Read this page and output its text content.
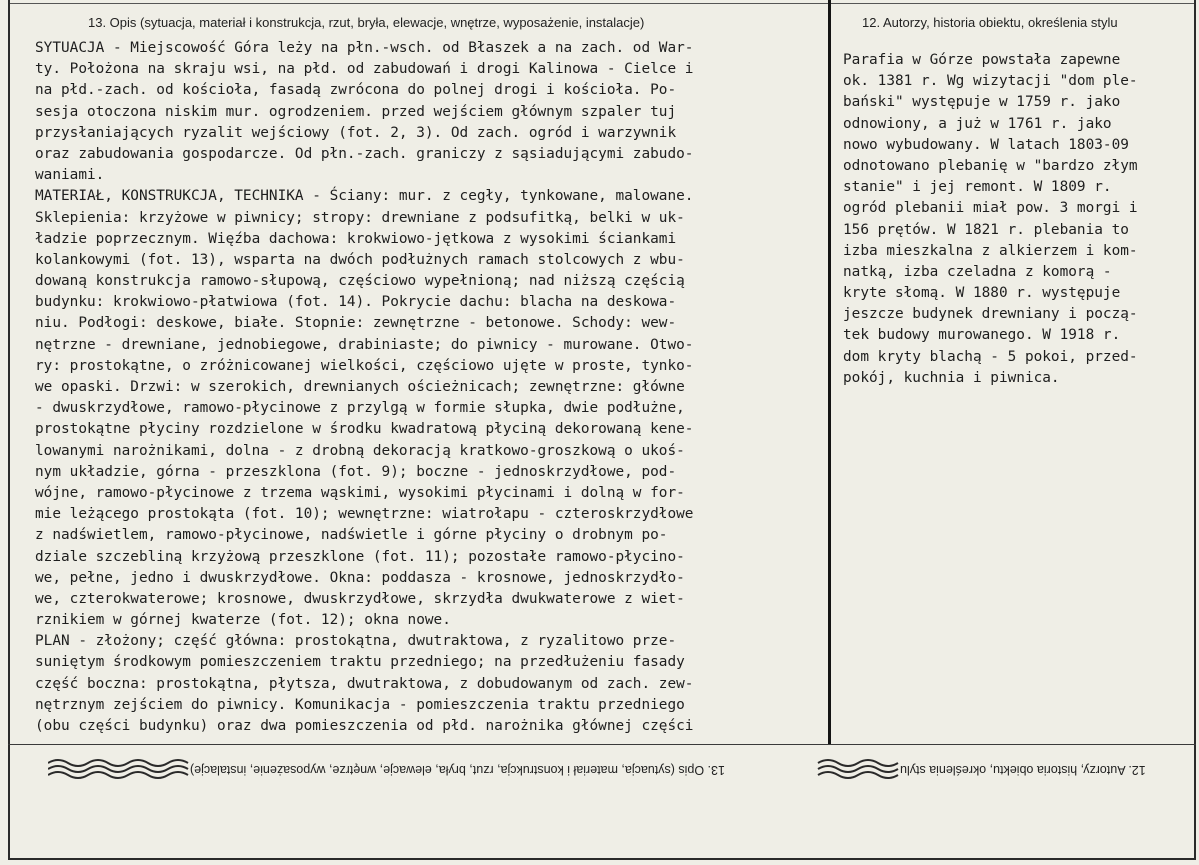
13. Opis (sytuacja, materiał i konstrukcja, rzut, bryła, elewacje, wnętrze, wyposażenie, instalacje)	12. Autorzy, historia obiektu, określenia stylu
SYTUACJA - Miejscowość Góra leży na płn.-wsch. od Błaszek a na zach. od War-
ty. Położona na skraju wsi, na płd. od zabudowań i drogi Kalinowa - Cielce i
na płd.-zach. od kościoła, fasadą zwrócona do polnej drogi i kościoła. Po-
sesja otoczona niskim mur. ogrodzeniem. przed wejściem głównym szpaler tuj
przysłaniających ryzalit wejściowy (fot. 2, 3). Od zach. ogród i warzywnik
oraz zabudowania gospodarcze. Od płn.-zach. graniczy z sąsiadującymi zabudo-
waniami.
MATERIAŁ, KONSTRUKCJA, TECHNIKA - Ściany: mur. z cegły, tynkowane, malowane.
Sklepienia: krzyżowe w piwnicy; stropy: drewniane z podsufitką, belki w uk-
ładzie poprzecznym. Więźba dachowa: krokwiowo-jętkowa z wysokimi ściankami
kolankowymi (fot. 13), wsparta na dwóch podłużnych ramach stolcowych z wbu-
dowaną konstrukcja ramowo-słupową, częściowo wypełnioną; nad niższą częścią
budynku: krokwiowo-płatwiowa (fot. 14). Pokrycie dachu: blacha na deskowa-
niu. Podłogi: deskowe, białe. Stopnie: zewnętrzne - betonowe. Schody: wew-
nętrzne - drewniane, jednobiegowe, drabiniaste; do piwnicy - murowane. Otwo-
ry: prostokątne, o zróżnicowanej wielkości, częściowo ujęte w proste, tynko-
we opaski. Drzwi: w szerokich, drewnianych ościeżnicach; zewnętrzne: główne
- dwuskrzydłowe, ramowo-płycinowe z przylgą w formie słupka, dwie podłużne,
prostokątne płyciny rozdzielone w środku kwadratową płyciną dekorowaną kene-
lowanymi narożnikami, dolna - z drobną dekoracją kratkowo-groszkową o ukoś-
nym układzie, górna - przeszklona (fot. 9); boczne - jednoskrzydłowe, pod-
wójne, ramowo-płycinowe z trzema wąskimi, wysokimi płycinami i dolną w for-
mie leżącego prostokąta (fot. 10); wewnętrzne: wiatrołapu - czteroskrzydłowe
z nadświetlem, ramowo-płycinowe, nadświetle i górne płyciny o drobnym po-
dziale szczebliną krzyżową przeszklone (fot. 11); pozostałe ramowo-płycino-
we, pełne, jedno i dwuskrzydłowe. Okna: poddasza - krosnowe, jednoskrzydło-
we, czterokwaterowe; krosnowe, dwuskrzydłowe, skrzydła dwukwaterowe z wiet-
rznikiem w górnej kwaterze (fot. 12); okna nowe.
PLAN - złożony; część główna: prostokątna, dwutraktowa, z ryzalitowo prze-
suniętym środkowym pomieszczeniem traktu przedniego; na przedłużeniu fasady
część boczna: prostokątna, płytsza, dwutraktowa, z dobudowanym od zach. zew-
nętrznym zejściem do piwnicy. Komunikacja - pomieszczenia traktu przedniego
(obu części budynku) oraz dwa pomieszczenia od płd. narożnika głównej części
Parafia w Górze powstała zapewne
ok. 1381 r. Wg wizytacji "dom ple-
bański" występuje w 1759 r. jako
odnowiony, a już w 1761 r. jako
nowo wybudowany. W latach 1803-09
odnotowano plebanię w "bardzo złym
stanie" i jej remont. W 1809 r.
ogród plebanii miał pow. 3 morgi i
156 prętów. W 1821 r. plebania to
izba mieszkalna z alkierzem i kom-
natką, izba czeladna z komorą -
kryte słomą. W 1880 r. występuje
jeszcze budynek drewniany i począ-
tek budowy murowanego. W 1918 r.
dom kryty blachą - 5 pokoi, przed-
pokój, kuchnia i piwnica.
13. Opis (sytuacja, materiał i konstrukcja, rzut, bryła, elewacje, wnętrze, wyposażenie, instalacje)	12. Autorzy, historia obiektu, określenia stylu
